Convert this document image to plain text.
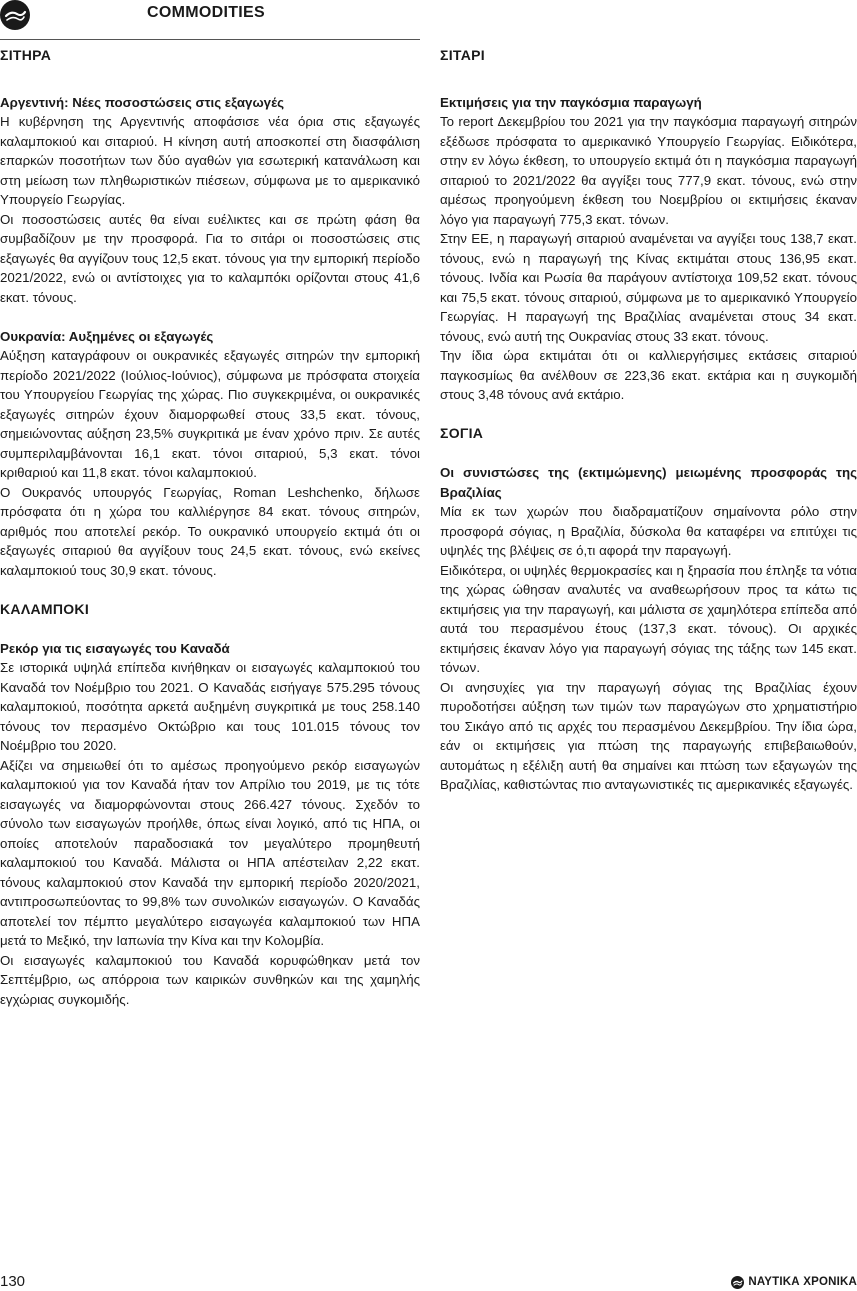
COMMODITIES
ΣΙΤΗΡΑ
Αργεντινή: Νέες ποσοστώσεις στις εξαγωγές

Η κυβέρνηση της Αργεντινής αποφάσισε νέα όρια στις εξαγωγές καλαμποκιού και σιταριού. Η κίνηση αυτή αποσκοπεί στη διασφάλιση επαρκών ποσοτήτων των δύο αγαθών για εσωτερική κατανάλωση και στη μείωση των πληθωριστικών πιέσεων, σύμφωνα με το αμερικανικό Υπουργείο Γεωργίας.

Οι ποσοστώσεις αυτές θα είναι ευέλικτες και σε πρώτη φάση θα συμβαδίζουν με την προσφορά. Για το σιτάρι οι ποσοστώσεις στις εξαγωγές θα αγγίζουν τους 12,5 εκατ. τόνους για την εμπορική περίοδο 2021/2022, ενώ οι αντίστοιχες για το καλαμπόκι ορίζονται στους 41,6 εκατ. τόνους.

Ουκρανία: Αυξημένες οι εξαγωγές

Αύξηση καταγράφουν οι ουκρανικές εξαγωγές σιτηρών την εμπορική περίοδο 2021/2022 (Ιούλιος-Ιούνιος), σύμφωνα με πρόσφατα στοιχεία του Υπουργείου Γεωργίας της χώρας. Πιο συγκεκριμένα, οι ουκρανικές εξαγωγές σιτηρών έχουν διαμορφωθεί στους 33,5 εκατ. τόνους, σημειώνοντας αύξηση 23,5% συγκριτικά με έναν χρόνο πριν. Σε αυτές συμπεριλαμβάνονται 16,1 εκατ. τόνοι σιταριού, 5,3 εκατ. τόνοι κριθαριού και 11,8 εκατ. τόνοι καλαμποκιού.

Ο Ουκρανός υπουργός Γεωργίας, Roman Leshchenko, δήλωσε πρόσφατα ότι η χώρα του καλλιέργησε 84 εκατ. τόνους σιτηρών, αριθμός που αποτελεί ρεκόρ. Το ουκρανικό υπουργείο εκτιμά ότι οι εξαγωγές σιταριού θα αγγίξουν τους 24,5 εκατ. τόνους, ενώ εκείνες καλαμποκιού τους 30,9 εκατ. τόνους.

ΚΑΛΑΜΠΟΚΙ
Ρεκόρ για τις εισαγωγές του Καναδά

Σε ιστορικά υψηλά επίπεδα κινήθηκαν οι εισαγωγές καλαμποκιού του Καναδά τον Νοέμβριο του 2021. Ο Καναδάς εισήγαγε 575.295 τόνους καλαμποκιού, ποσότητα αρκετά αυξημένη συγκριτικά με τους 258.140 τόνους τον περασμένο Οκτώβριο και τους 101.015 τόνους τον Νοέμβριο του 2020.

Αξίζει να σημειωθεί ότι το αμέσως προηγούμενο ρεκόρ εισαγωγών καλαμποκιού για τον Καναδά ήταν τον Απρίλιο του 2019, με τις τότε εισαγωγές να διαμορφώνονται στους 266.427 τόνους. Σχεδόν το σύνολο των εισαγωγών προήλθε, όπως είναι λογικό, από τις ΗΠΑ, οι οποίες αποτελούν παραδοσιακά τον μεγαλύτερο προμηθευτή καλαμποκιού του Καναδά. Μάλιστα οι ΗΠΑ απέστειλαν 2,22 εκατ. τόνους καλαμποκιού στον Καναδά την εμπορική περίοδο 2020/2021, αντιπροσωπεύοντας το 99,8% των συνολικών εισαγωγών. Ο Καναδάς αποτελεί τον πέμπτο μεγαλύτερο εισαγωγέα καλαμποκιού των ΗΠΑ μετά το Μεξικό, την Ιαπωνία την Κίνα και την Κολομβία.

Οι εισαγωγές καλαμποκιού του Καναδά κορυφώθηκαν μετά τον Σεπτέμβριο, ως απόρροια των καιρικών συνθηκών και της χαμηλής εγχώριας συγκομιδής.

ΣΙΤΑΡΙ
Εκτιμήσεις για την παγκόσμια παραγωγή

Το report Δεκεμβρίου του 2021 για την παγκόσμια παραγωγή σιτηρών εξέδωσε πρόσφατα το αμερικανικό Υπουργείο Γεωργίας. Ειδικότερα, στην εν λόγω έκθεση, το υπουργείο εκτιμά ότι η παγκόσμια παραγωγή σιταριού το 2021/2022 θα αγγίξει τους 777,9 εκατ. τόνους, ενώ στην αμέσως προηγούμενη έκθεση του Νοεμβρίου οι εκτιμήσεις έκαναν λόγο για παραγωγή 775,3 εκατ. τόνων.

Στην ΕΕ, η παραγωγή σιταριού αναμένεται να αγγίξει τους 138,7 εκατ. τόνους, ενώ η παραγωγή της Κίνας εκτιμάται στους 136,95 εκατ. τόνους. Ινδία και Ρωσία θα παράγουν αντίστοιχα 109,52 εκατ. τόνους και 75,5 εκατ. τόνους σιταριού, σύμφωνα με το αμερικανικό Υπουργείο Γεωργίας. Η παραγωγή της Βραζιλίας αναμένεται στους 34 εκατ. τόνους, ενώ αυτή της Ουκρανίας στους 33 εκατ. τόνους.

Την ίδια ώρα εκτιμάται ότι οι καλλιεργήσιμες εκτάσεις σιταριού παγκοσμίως θα ανέλθουν σε 223,36 εκατ. εκτάρια και η συγκομιδή στους 3,48 τόνους ανά εκτάριο.

ΣΟΓΙΑ
Οι συνιστώσες της (εκτιμώμενης) μειωμένης προσφοράς της Βραζιλίας

Μία εκ των χωρών που διαδραματίζουν σημαίνοντα ρόλο στην προσφορά σόγιας, η Βραζιλία, δύσκολα θα καταφέρει να επιτύχει τις υψηλές της βλέψεις σε ό,τι αφορά την παραγωγή.

Ειδικότερα, οι υψηλές θερμοκρασίες και η ξηρασία που έπληξε τα νότια της χώρας ώθησαν αναλυτές να αναθεωρήσουν προς τα κάτω τις εκτιμήσεις για την παραγωγή, και μάλιστα σε χαμηλότερα επίπεδα από αυτά του περασμένου έτους (137,3 εκατ. τόνους). Οι αρχικές εκτιμήσεις έκαναν λόγο για παραγωγή σόγιας της τάξης των 145 εκατ. τόνων.

Οι ανησυχίες για την παραγωγή σόγιας της Βραζιλίας έχουν πυροδοτήσει αύξηση των τιμών των παραγώγων στο χρηματιστήριο του Σικάγο από τις αρχές του περασμένου Δεκεμβρίου. Την ίδια ώρα, εάν οι εκτιμήσεις για πτώση της παραγωγής επιβεβαιωθούν, αυτομάτως η εξέλιξη αυτή θα σημαίνει και πτώση των εξαγωγών της Βραζιλίας, καθιστώντας πιο ανταγωνιστικές τις αμερικανικές εξαγωγές.

130	ΝΑΥΤΙΚΑ ΧΡΟΝΙΚΑ
